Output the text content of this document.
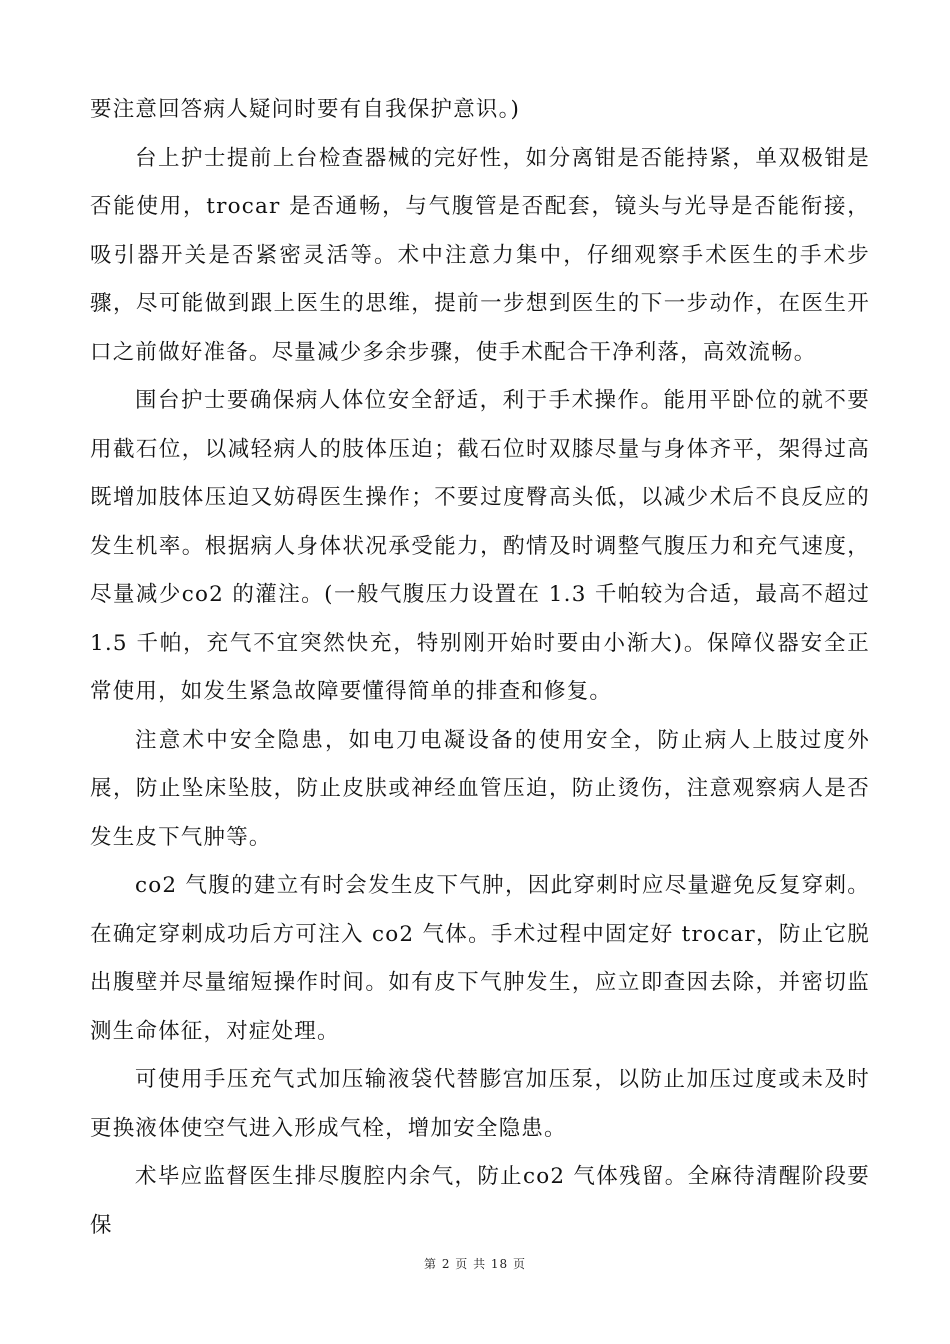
要注意回答病人疑问时要有自我保护意识。)

台上护士提前上台检查器械的完好性，如分离钳是否能持紧，单双极钳是否能使用，trocar 是否通畅，与气腹管是否配套，镜头与光导是否能衔接，吸引器开关是否紧密灵活等。术中注意力集中，仔细观察手术医生的手术步骤，尽可能做到跟上医生的思维，提前一步想到医生的下一步动作，在医生开口之前做好准备。尽量减少多余步骤，使手术配合干净利落，高效流畅。

围台护士要确保病人体位安全舒适，利于手术操作。能用平卧位的就不要用截石位，以减轻病人的肢体压迫；截石位时双膝尽量与身体齐平，架得过高既增加肢体压迫又妨碍医生操作；不要过度臀高头低，以减少术后不良反应的发生机率。根据病人身体状况承受能力，酌情及时调整气腹压力和充气速度，尽量减少co2 的灌注。(一般气腹压力设置在 1.3 千帕较为合适，最高不超过 1.5 千帕，充气不宜突然快充，特别刚开始时要由小渐大)。保障仪器安全正常使用，如发生紧急故障要懂得简单的排查和修复。

注意术中安全隐患，如电刀电凝设备的使用安全，防止病人上肢过度外展，防止坠床坠肢，防止皮肤或神经血管压迫，防止烫伤，注意观察病人是否发生皮下气肿等。

co2 气腹的建立有时会发生皮下气肿，因此穿刺时应尽量避免反复穿刺。在确定穿刺成功后方可注入 co2 气体。手术过程中固定好 trocar，防止它脱出腹壁并尽量缩短操作时间。如有皮下气肿发生，应立即查因去除，并密切监测生命体征，对症处理。

可使用手压充气式加压输液袋代替膨宫加压泵，以防止加压过度或未及时更换液体使空气进入形成气栓，增加安全隐患。

术毕应监督医生排尽腹腔内余气，防止co2 气体残留。全麻待清醒阶段要保

第 2 页 共 18 页
